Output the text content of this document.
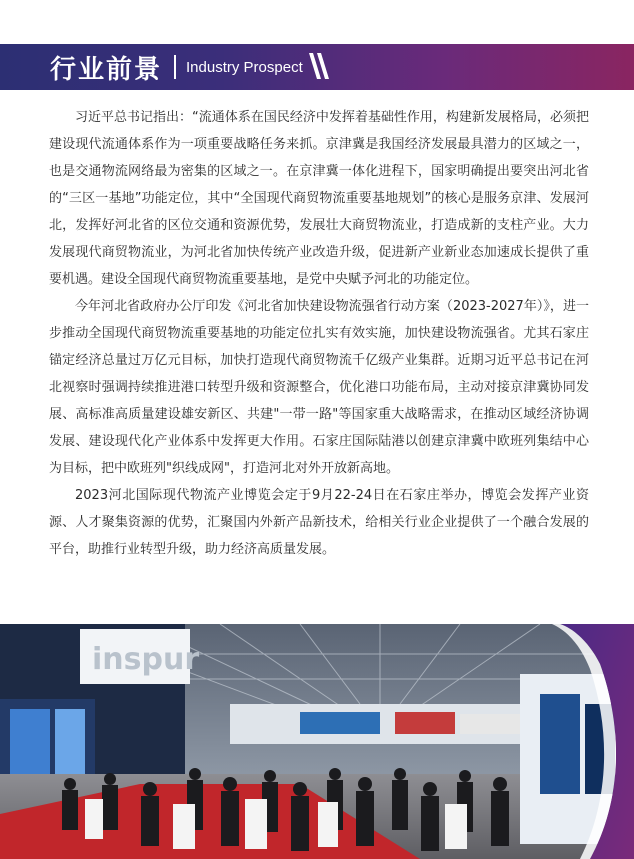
行业前景 Industry Prospect

习近平总书记指出：“流通体系在国民经济中发挥着基础性作用，构建新发展格局，必须把建设现代流通体系作为一项重要战略任务来抓。京津冀是我国经济发展最具潜力的区域之一，也是交通物流网络最为密集的区域之一。在京津冀一体化进程下，国家明确提出要突出河北省的“三区一基地”功能定位，其中“全国现代商贸物流重要基地规划”的核心是服务京津、发展河北，发挥好河北省的区位交通和资源优势，发展壮大商贸物流业，打造成新的支柱产业。大力发展现代商贸物流业，为河北省加快传统产业改造升级，促进新产业新业态加速成长提供了重要机遇。建设全国现代商贸物流重要基地，是党中央赋予河北的功能定位。

今年河北省政府办公厅印发《河北省加快建设物流强省行动方案（2023-2027年）》，进一步推动全国现代商贸物流重要基地的功能定位扎实有效实施，加快建设物流强省。尤其石家庄锚定经济总量过万亿元目标，加快打造现代商贸物流千亿级产业集群。近期习近平总书记在河北视察时强调持续推进港口转型升级和资源整合，优化港口功能布局，主动对接京津冀协同发展、高标准高质量建设雄安新区、共建"一带一路"等国家重大战略需求，在推动区域经济协调发展、建设现代化产业体系中发挥更大作用。石家庄国际陆港以创建京津冀中欧班列集结中心为目标，把中欧班列"织线成网"，打造河北对外开放新高地。

2023河北国际现代物流产业博览会定于9月22-24日在石家庄举办，博览会发挥产业资源、人才聚集资源的优势，汇聚国内外新产品新技术，给相关行业企业提供了一个融合发展的平台，助推行业转型升级，助力经济高质量发展。

inspur
